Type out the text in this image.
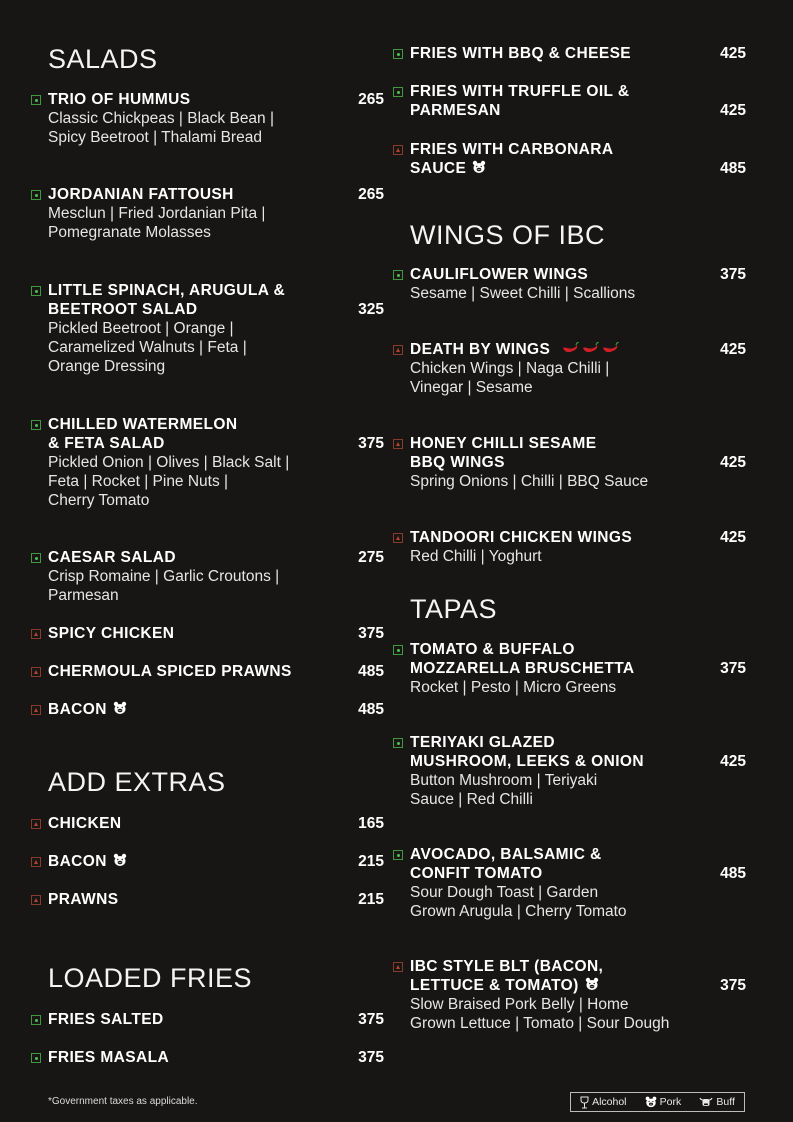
SALADS
TRIO OF HUMMUS	265
Classic Chickpeas | Black Bean |
Spicy Beetroot | Thalami Bread
JORDANIAN FATTOUSH	265
Mesclun | Fried Jordanian Pita |
Pomegranate Molasses
LITTLE SPINACH, ARUGULA &
BEETROOT SALAD	325
Pickled Beetroot | Orange |
Caramelized Walnuts | Feta |
Orange Dressing
CHILLED WATERMELON
& FETA SALAD	375
Pickled Onion | Olives | Black Salt |
Feta | Rocket | Pine Nuts |
Cherry Tomato
CAESAR SALAD	275
Crisp Romaine | Garlic Croutons |
Parmesan
SPICY CHICKEN	375
CHERMOULA SPICED PRAWNS	485
BACON	485
ADD EXTRAS
CHICKEN	165
BACON	215
PRAWNS	215
LOADED FRIES
FRIES SALTED	375
FRIES MASALA	375
FRIES WITH BBQ & CHEESE	425
FRIES WITH TRUFFLE OIL &
PARMESAN	425
FRIES WITH CARBONARA
SAUCE	485
WINGS OF IBC
CAULIFLOWER WINGS	375
Sesame | Sweet Chilli | Scallions
DEATH BY WINGS	425
Chicken Wings | Naga Chilli |
Vinegar | Sesame
HONEY CHILLI SESAME
BBQ WINGS	425
Spring Onions | Chilli | BBQ Sauce
TANDOORI CHICKEN WINGS	425
Red Chilli | Yoghurt
TAPAS
TOMATO & BUFFALO
MOZZARELLA BRUSCHETTA	375
Rocket | Pesto | Micro Greens
TERIYAKI GLAZED
MUSHROOM, LEEKS & ONION	425
Button Mushroom | Teriyaki
Sauce | Red Chilli
AVOCADO, BALSAMIC &
CONFIT TOMATO	485
Sour Dough Toast | Garden
Grown Arugula | Cherry Tomato
IBC STYLE BLT (BACON,
LETTUCE & TOMATO)	375
Slow Braised Pork Belly | Home
Grown Lettuce | Tomato | Sour Dough
*Government taxes as applicable.	Alcohol	Pork	Buff
